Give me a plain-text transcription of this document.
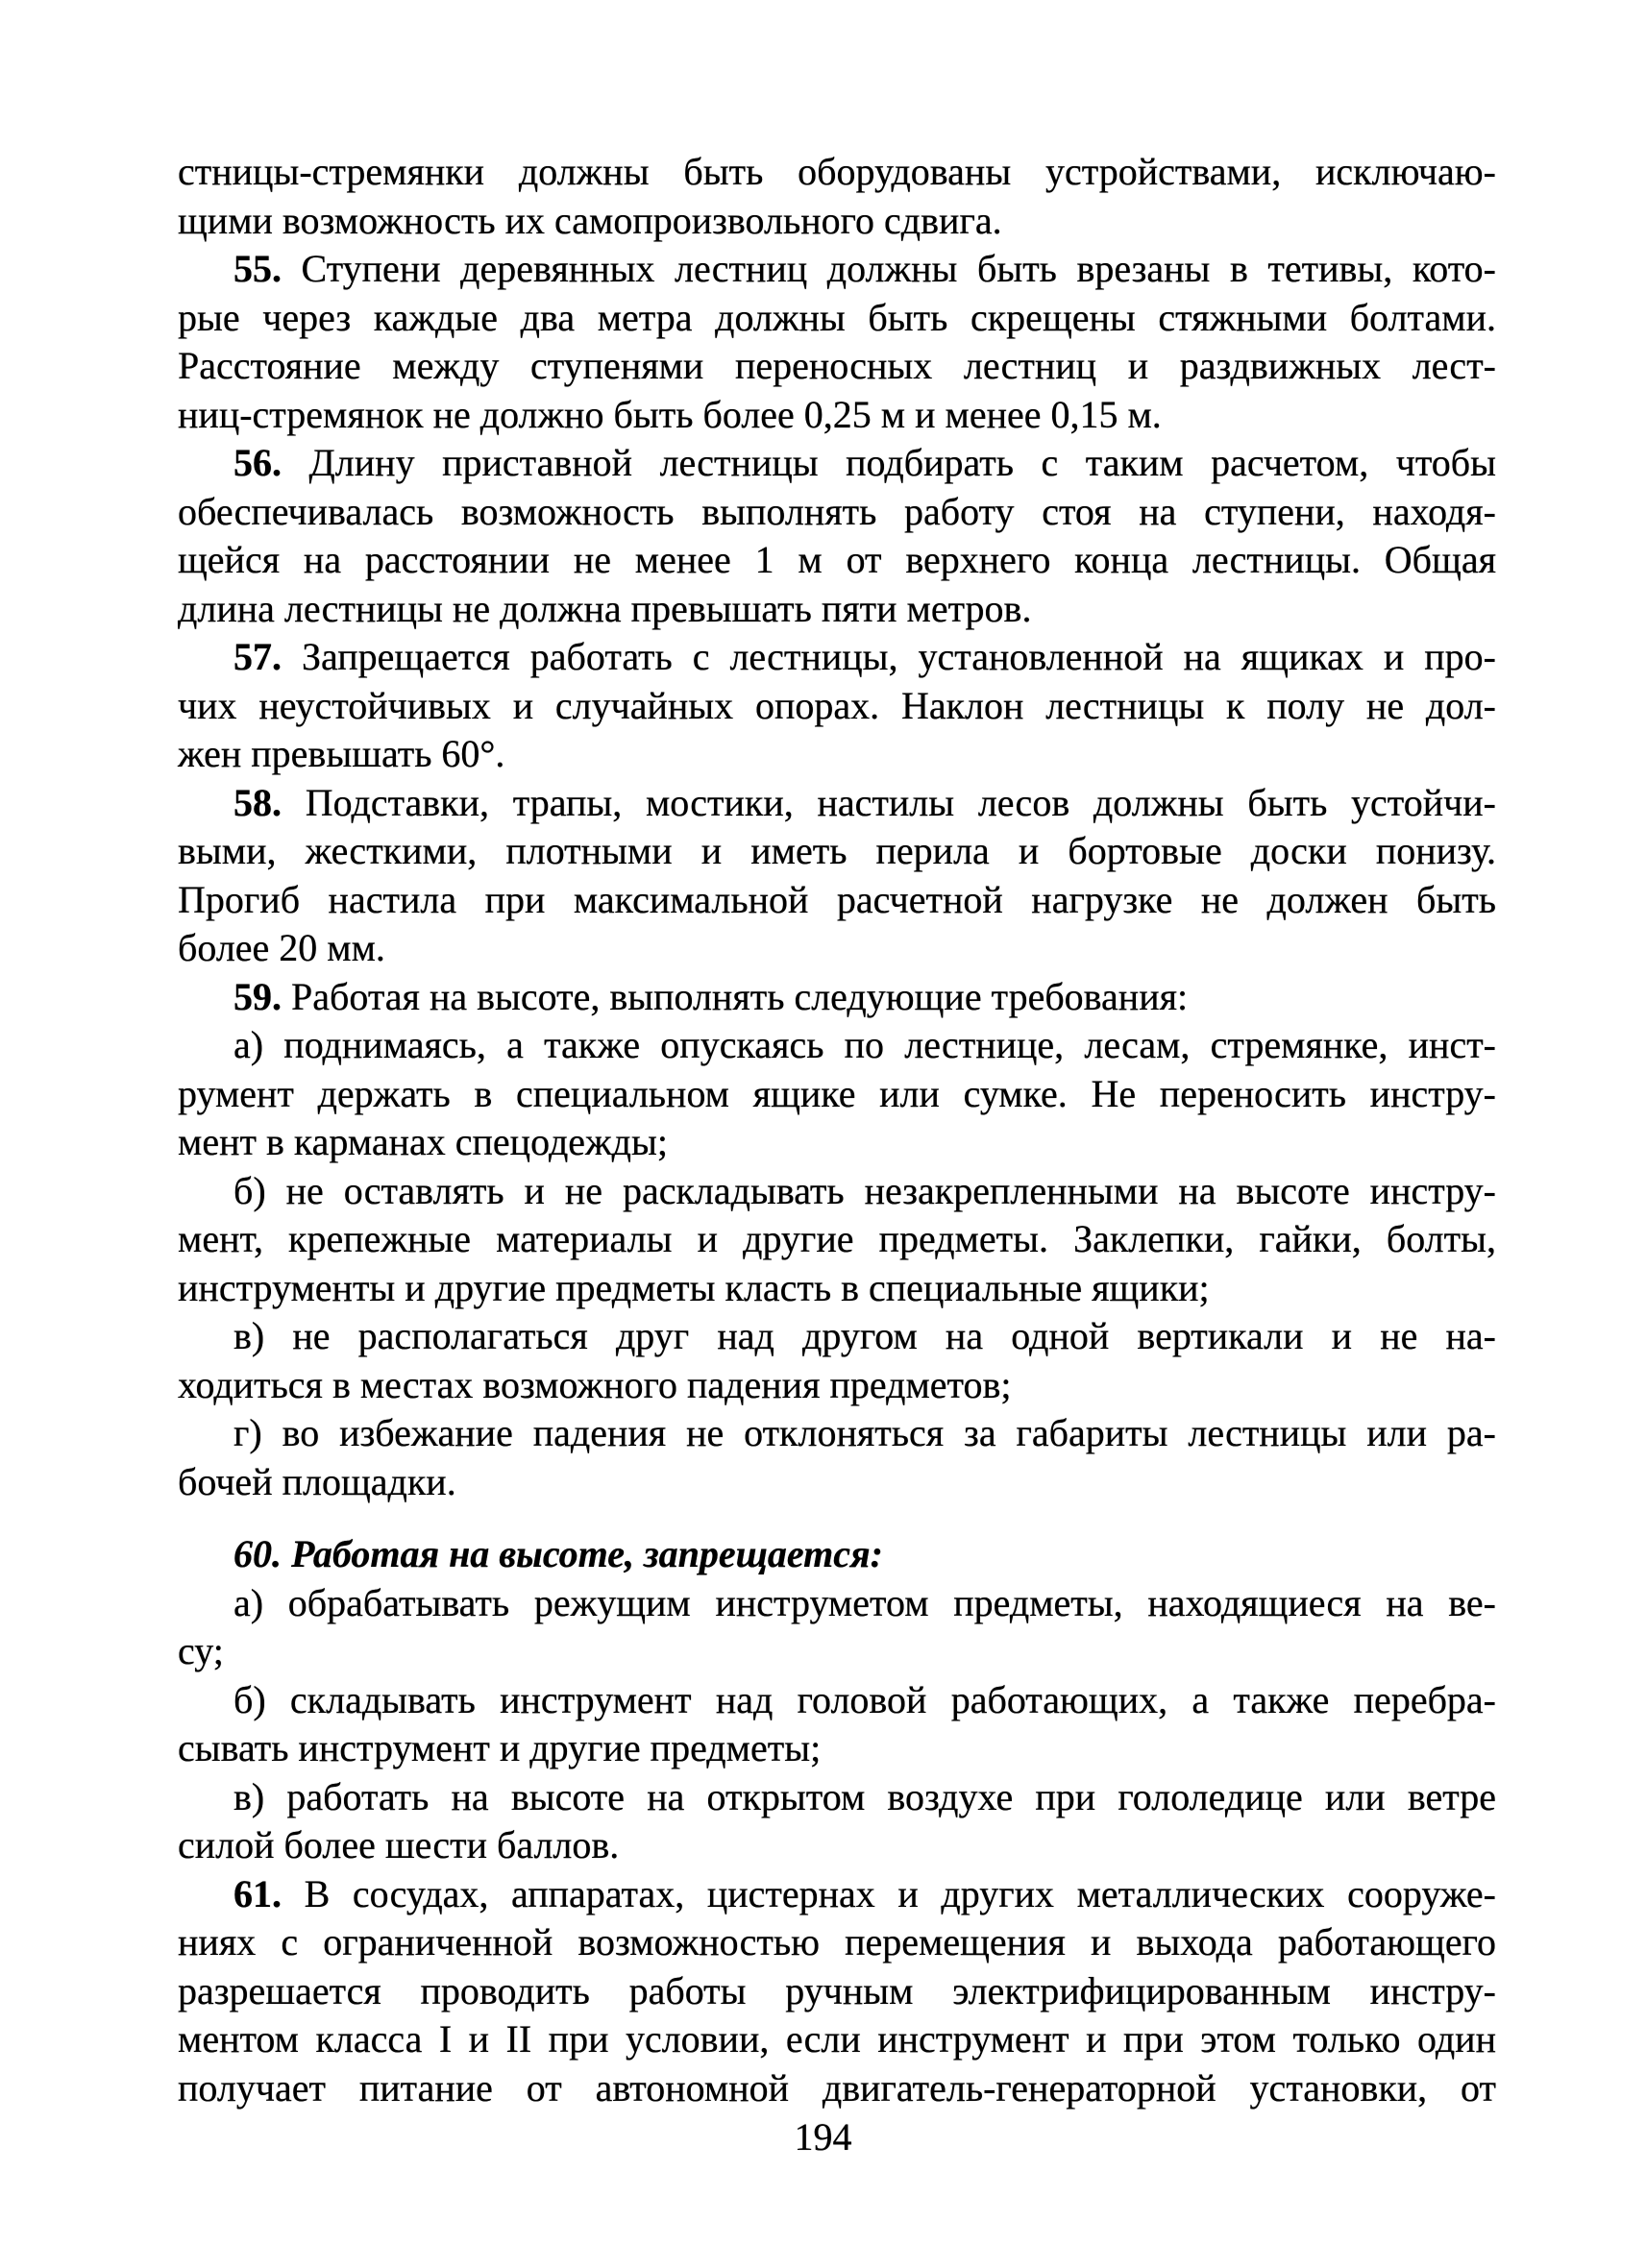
стницы-стремянки должны быть оборудованы устройствами, исключаю-
щими возможность их самопроизвольного сдвига.
55. Ступени деревянных лестниц должны быть врезаны в тетивы, кото-
рые через каждые два метра должны быть скрещены стяжными болтами.
Расстояние между ступенями переносных лестниц и раздвижных лест-
ниц-стремянок не должно быть более 0,25 м и менее 0,15 м.
56. Длину приставной лестницы подбирать с таким расчетом, чтобы
обеспечивалась возможность выполнять работу стоя на ступени, находя-
щейся на расстоянии не менее 1 м от верхнего конца лестницы. Общая
длина лестницы не должна превышать пяти метров.
57. Запрещается работать с лестницы, установленной на ящиках и про-
чих неустойчивых и случайных опорах. Наклон лестницы к полу не дол-
жен превышать 60°.
58. Подставки, трапы, мостики, настилы лесов должны быть устойчи-
выми, жесткими, плотными и иметь перила и бортовые доски понизу.
Прогиб настила при максимальной расчетной нагрузке не должен быть
более 20 мм.
59. Работая на высоте, выполнять следующие требования:
а) поднимаясь, а также опускаясь по лестнице, лесам, стремянке, инст-
румент держать в специальном ящике или сумке. Не переносить инстру-
мент в карманах спецодежды;
б) не оставлять и не раскладывать незакрепленными на высоте инстру-
мент, крепежные материалы и другие предметы. Заклепки, гайки, болты,
инструменты и другие предметы класть в специальные ящики;
в) не располагаться друг над другом на одной вертикали и не на-
ходиться в местах возможного падения предметов;
г) во избежание падения не отклоняться за габариты лестницы или ра-
бочей площадки.
60. Работая на высоте, запрещается:
а) обрабатывать режущим инструметом предметы, находящиеся на ве-
су;
б) складывать инструмент над головой работающих, а также перебра-
сывать инструмент и другие предметы;
в) работать на высоте на открытом воздухе при гололедице или ветре
силой более шести баллов.
61. В сосудах, аппаратах, цистернах и других металлических сооруже-
ниях с ограниченной возможностью перемещения и выхода работающего
разрешается проводить работы ручным электрифицированным инстру-
ментом класса I и II при условии, если инструмент и при этом только один
получает питание от автономной двигатель-генераторной установки, от
194
